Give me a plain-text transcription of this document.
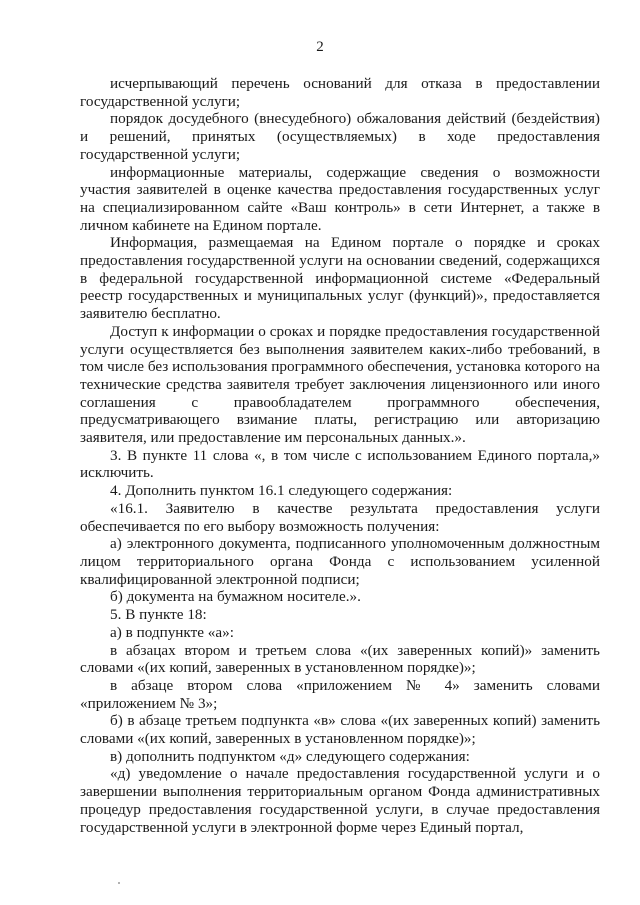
2

исчерпывающий перечень оснований для отказа в предоставлении государственной услуги;

порядок досудебного (внесудебного) обжалования действий (бездействия) и решений, принятых (осуществляемых) в ходе предоставления государственной услуги;

информационные материалы, содержащие сведения о возможности участия заявителей в оценке качества предоставления государственных услуг на специализированном сайте «Ваш контроль» в сети Интернет, а также в личном кабинете на Едином портале.

Информация, размещаемая на Едином портале о порядке и сроках предоставления государственной услуги на основании сведений, содержащихся в федеральной государственной информационной системе «Федеральный реестр государственных и муниципальных услуг (функций)», предоставляется заявителю бесплатно.

Доступ к информации о сроках и порядке предоставления государственной услуги осуществляется без выполнения заявителем каких-либо требований, в том числе без использования программного обеспечения, установка которого на технические средства заявителя требует заключения лицензионного или иного соглашения с правообладателем программного обеспечения, предусматривающего взимание платы, регистрацию или авторизацию заявителя, или предоставление им персональных данных.».

3. В пункте 11 слова «, в том числе с использованием Единого портала,» исключить.

4. Дополнить пунктом 16.1 следующего содержания:

«16.1. Заявителю в качестве результата предоставления услуги обеспечивается по его выбору возможность получения:

а) электронного документа, подписанного уполномоченным должностным лицом территориального органа Фонда с использованием усиленной квалифицированной электронной подписи;

б) документа на бумажном носителе.».

5. В пункте 18:

а) в подпункте «а»:

в абзацах втором и третьем слова «(их заверенных копий)» заменить словами «(их копий, заверенных в установленном порядке)»;

в абзаце втором слова «приложением № 4» заменить словами «приложением № 3»;

б) в абзаце третьем подпункта «в» слова «(их заверенных копий) заменить словами «(их копий, заверенных в установленном порядке)»;

в) дополнить подпунктом «д» следующего содержания:

«д) уведомление о начале предоставления государственной услуги и о завершении выполнения территориальным органом Фонда административных процедур предоставления государственной услуги, в случае предоставления государственной услуги в электронной форме через Единый портал,
